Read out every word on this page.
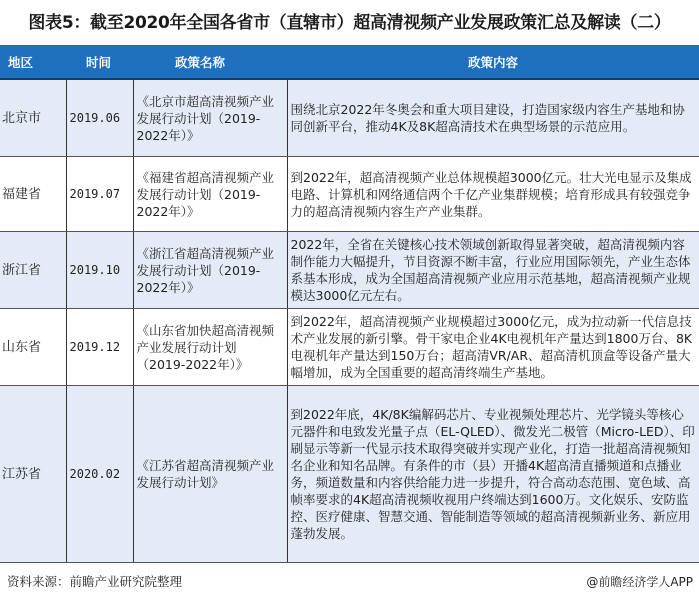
图表5：截至2020年全国各省市（直辖市）超高清视频产业发展政策汇总及解读（二）
地区	时间	政策名称	政策内容
北京市	2019.06	《北京市超高清视频产业发展行动计划（2019-2022年）》	围绕北京2022年冬奥会和重大项目建设，打造国家级内容生产基地和协同创新平台，推动4K及8K超高清技术在典型场景的示范应用。
福建省	2019.07	《福建省超高清视频产业发展行动计划（2019-2022年）》	到2022年，超高清视频产业总体规模超3000亿元。壮大光电显示及集成电路、计算机和网络通信两个千亿产业集群规模；培育形成具有较强竞争力的超高清视频内容生产产业集群。
浙江省	2019.10	《浙江省超高清视频产业发展行动计划（2019-2022年）》	2022年，全省在关键核心技术领域创新取得显著突破，超高清视频内容制作能力大幅提升，节目资源不断丰富，行业应用国际领先，产业生态体系基本形成，成为全国超高清视频产业应用示范基地，超高清视频产业规模达3000亿元左右。
山东省	2019.12	《山东省加快超高清视频产业发展行动计划（2019-2022年）》	到2022年，超高清视频产业规模超过3000亿元，成为拉动新一代信息技术产业发展的新引擎。骨干家电企业4K电视机年产量达到1800万台、8K电视机年产量达到150万台；超高清VR/AR、超高清机顶盒等设备产量大幅增加，成为全国重要的超高清终端生产基地。
江苏省	2020.02	《江苏省超高清视频产业发展行动计划》	到2022年底，4K/8K编解码芯片、专业视频处理芯片、光学镜头等核心元器件和电致发光量子点（EL-QLED）、微发光二极管（Micro-LED）、印刷显示等新一代显示技术取得突破并实现产业化，打造一批超高清视频知名企业和知名品牌。有条件的市（县）开播4K超高清直播频道和点播业务，频道数量和内容供给能力进一步提升，符合高动态范围、宽色域、高帧率要求的4K超高清视频收视用户终端达到1600万。文化娱乐、安防监控、医疗健康、智慧交通、智能制造等领域的超高清视频新业务、新应用蓬勃发展。
资料来源：前瞻产业研究院整理	@前瞻经济学人APP
